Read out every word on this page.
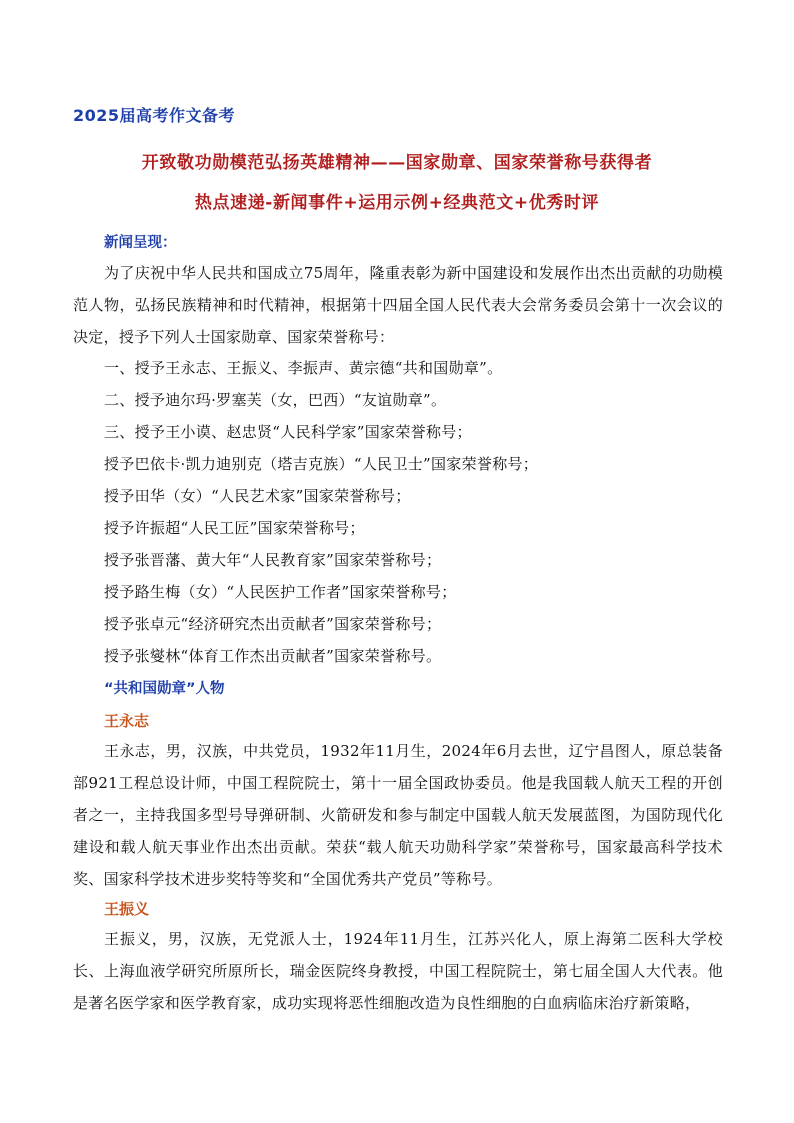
2025届高考作文备考
开致敬功勋模范弘扬英雄精神——国家勋章、国家荣誉称号获得者
热点速递-新闻事件+运用示例+经典范文+优秀时评
新闻呈现：
为了庆祝中华人民共和国成立75周年，隆重表彰为新中国建设和发展作出杰出贡献的功勋模范人物，弘扬民族精神和时代精神，根据第十四届全国人民代表大会常务委员会第十一次会议的决定，授予下列人士国家勋章、国家荣誉称号：
一、授予王永志、王振义、李振声、黄宗德“共和国勋章”。
二、授予迪尔玛·罗塞芙（女，巴西）“友谊勋章”。
三、授予王小谟、赵忠贤“人民科学家”国家荣誉称号；
授予巴依卡·凯力迪别克（塔吉克族）“人民卫士”国家荣誉称号；
授予田华（女）“人民艺术家”国家荣誉称号；
授予许振超“人民工匠”国家荣誉称号；
授予张晋藩、黄大年“人民教育家”国家荣誉称号；
授予路生梅（女）“人民医护工作者”国家荣誉称号；
授予张卓元“经济研究杰出贡献者”国家荣誉称号；
授予张燮林“体育工作杰出贡献者”国家荣誉称号。
“共和国勋章”人物
王永志
王永志，男，汉族，中共党员，1932年11月生，2024年6月去世，辽宁昌图人，原总装备部921工程总设计师，中国工程院院士，第十一届全国政协委员。他是我国载人航天工程的开创者之一，主持我国多型号导弹研制、火箭研发和参与制定中国载人航天发展蓝图，为国防现代化建设和载人航天事业作出杰出贡献。荣获“载人航天功勋科学家”荣誉称号，国家最高科学技术奖、国家科学技术进步奖特等奖和“全国优秀共产党员”等称号。
王振义
王振义，男，汉族，无党派人士，1924年11月生，江苏兴化人，原上海第二医科大学校长、上海血液学研究所原所长，瑞金医院终身教授，中国工程院院士，第七届全国人大代表。他是著名医学家和医学教育家，成功实现将恶性细胞改造为良性细胞的白血病临床治疗新策略，
